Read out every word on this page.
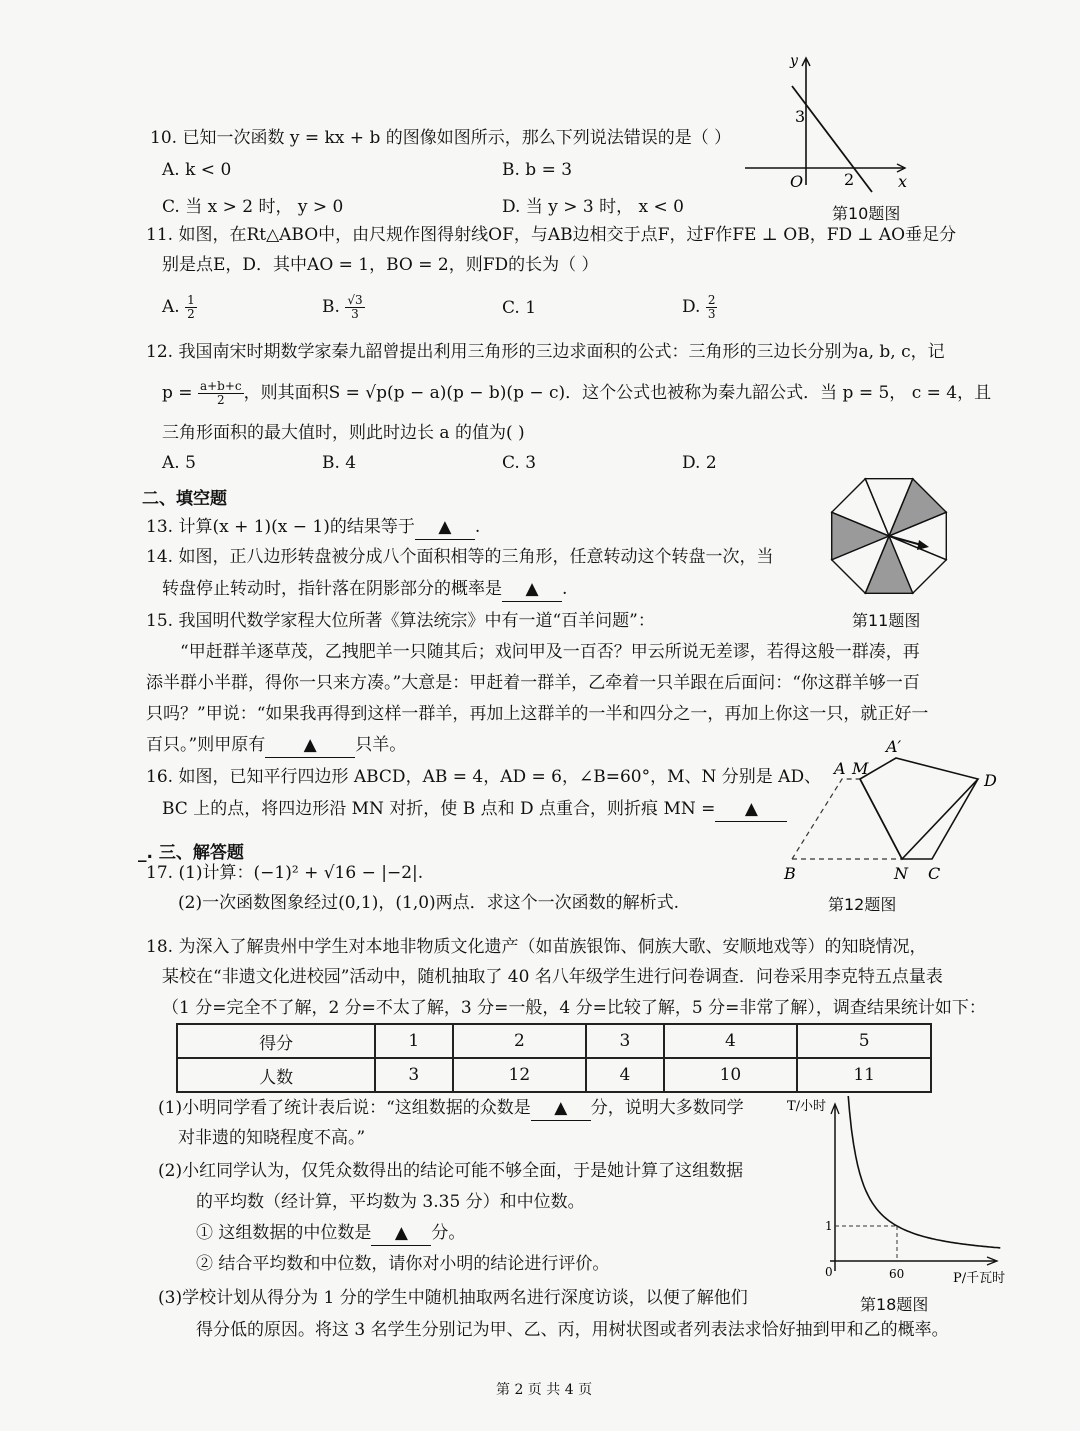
10. 已知一次函数 y = kx + b 的图像如图所示，那么下列说法错误的是（ ）
A. k < 0	B. b = 3
C. 当 x > 2 时， y > 0	D. 当 y > 3 时， x < 0
y
x
O
3
2
第10题图
11. 如图，在Rt△ABO中，由尺规作图得射线OF，与AB边相交于点F，过F作FE ⊥ OB，FD ⊥ AO垂足分
别是点E，D．其中AO = 1，BO = 2，则FD的长为（ ）
A. $\frac{1}{2}$	B. $\frac{√3}{3}$	C. 1	D. $\frac{2}{3}$
12. 我国南宋时期数学家秦九韶曾提出利用三角形的三边求面积的公式：三角形的三边长分别为a, b, c，记
$p = \frac{a+b+c}{2}$ ，则其面积S = √p(p − a)(p − b)(p − c)．这个公式也被称为秦九韶公式．当 p = 5， c = 4，且
三角形面积的最大值时，则此时边长 a 的值为( )
A. 5	B. 4	C. 3	D. 2
二、填空题
13. 计算(x + 1)(x − 1)的结果等于 ▲ .
14. 如图，正八边形转盘被分成八个面积相等的三角形，任意转动这个转盘一次，当
转盘停止转动时，指针落在阴影部分的概率是 ▲ .
第11题图
15. 我国明代数学家程大位所著《算法统宗》中有一道“百羊问题”：
“甲赶群羊逐草茂，乙拽肥羊一只随其后；戏问甲及一百否？甲云所说无差谬，若得这般一群凑，再
添半群小半群，得你一只来方凑。”大意是：甲赶着一群羊，乙牵着一只羊跟在后面问：“你这群羊够一百
只吗？”甲说：“如果我再得到这样一群羊，再加上这群羊的一半和四分之一，再加上你这一只，就正好一
百只。”则甲原有 ▲ 只羊。
16. 如图，已知平行四边形 ABCD，AB = 4，AD = 6，∠B=60°，M、N 分别是 AD、
BC 上的点，将四边形沿 MN 对折，使 B 点和 D 点重合，则折痕 MN = ▲
A′
A M
D
B	N C
第12题图
_. 三、解答题
17. (1)计算：(−1)² + √16 − |−2|.
(2)一次函数图象经过(0,1)，(1,0)两点．求这个一次函数的解析式.
18. 为深入了解贵州中学生对本地非物质文化遗产（如苗族银饰、侗族大歌、安顺地戏等）的知晓情况，
某校在“非遗文化进校园”活动中，随机抽取了 40 名八年级学生进行问卷调查．问卷采用李克特五点量表
（1 分=完全不了解，2 分=不太了解，3 分=一般，4 分=比较了解，5 分=非常了解），调查结果统计如下：
得分	1	2	3	4	5
人数	3	12	4	10	11
(1)小明同学看了统计表后说：“这组数据的众数是 ▲ 分，说明大多数同学
对非遗的知晓程度不高。”
(2)小红同学认为，仅凭众数得出的结论可能不够全面，于是她计算了这组数据
的平均数（经计算，平均数为 3.35 分）和中位数。
① 这组数据的中位数是 ▲ 分。
② 结合平均数和中位数，请你对小明的结论进行评价。
(3)学校计划从得分为 1 分的学生中随机抽取两名进行深度访谈，以便了解他们
得分低的原因。将这 3 名学生分别记为甲、乙、丙，用树状图或者列表法求恰好抽到甲和乙的概率。
T/小时
P/千瓦时
0	60
1
第18题图
第 2 页 共 4 页
